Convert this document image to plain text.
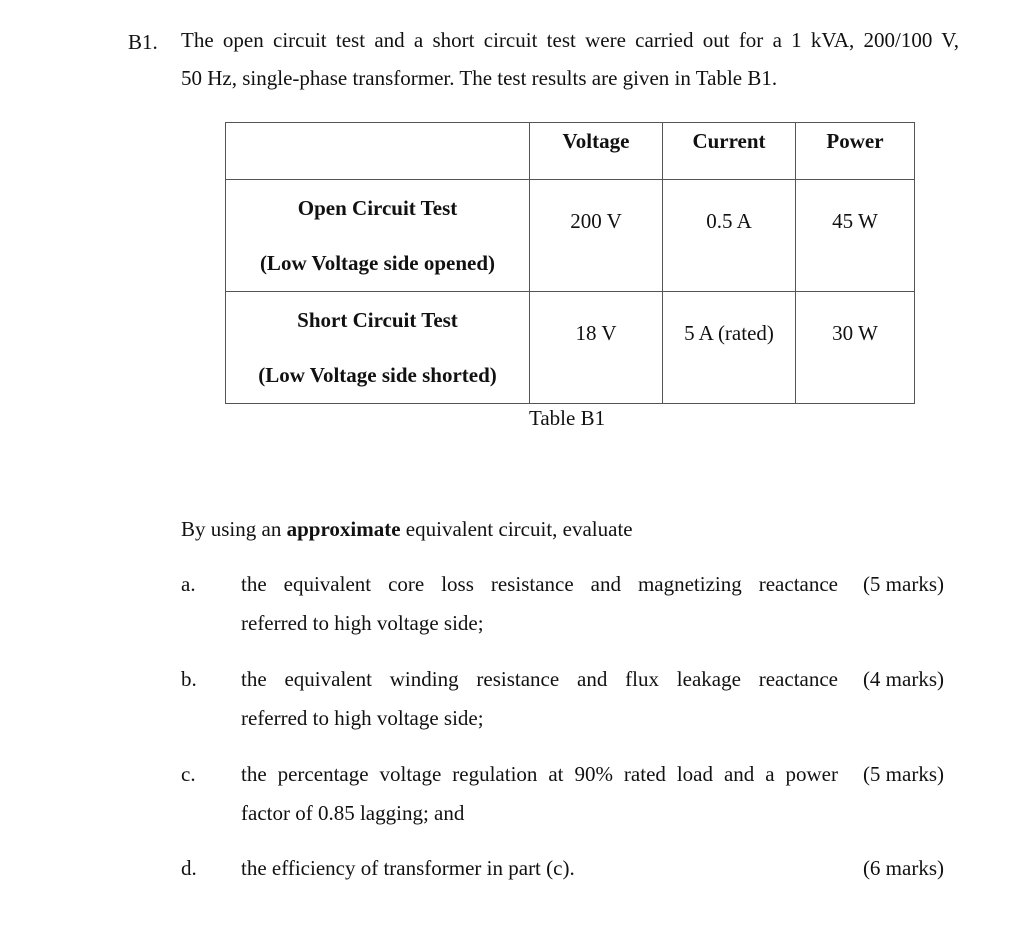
B1. The open circuit test and a short circuit test were carried out for a 1 kVA, 200/100 V,
50 Hz, single-phase transformer. The test results are given in Table B1.
	Voltage	Current	Power

Open Circuit Test
(Low Voltage side opened)	200 V	0.5 A	45 W

Short Circuit Test
(Low Voltage side shorted)	18 V	5 A (rated)	30 W
Table B1
By using an approximate equivalent circuit, evaluate
a. the equivalent core loss resistance and magnetizing reactance
referred to high voltage side;
(5 marks)
b. the equivalent winding resistance and flux leakage reactance
referred to high voltage side;
(4 marks)
c. the percentage voltage regulation at 90% rated load and a power
factor of 0.85 lagging; and
(5 marks)
d. the efficiency of transformer in part (c).	(6 marks)
